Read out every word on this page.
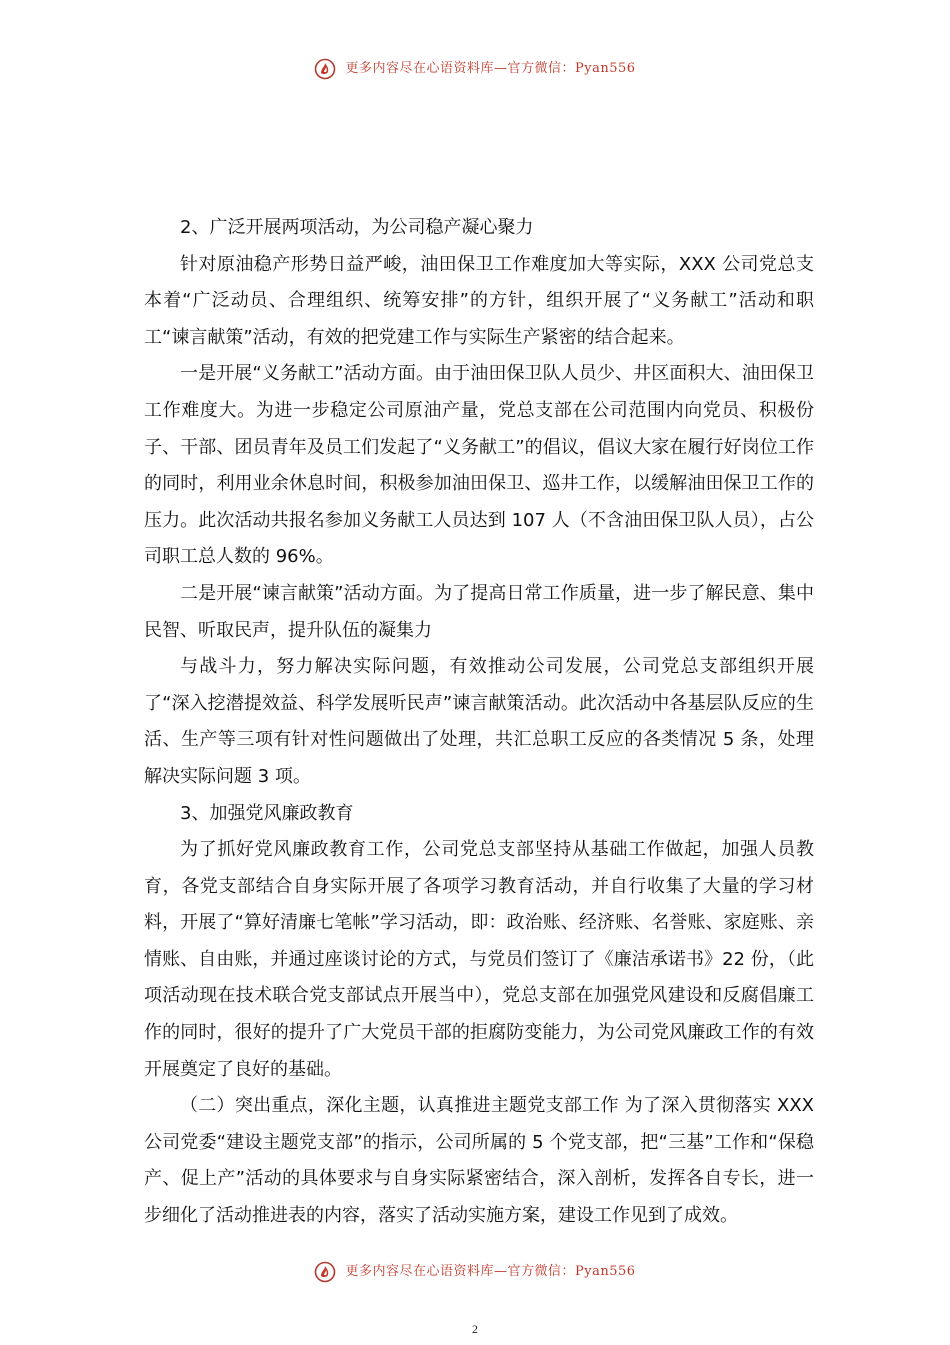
更多内容尽在心语资料库—官方微信：Pyan556

2、广泛开展两项活动，为公司稳产凝心聚力

针对原油稳产形势日益严峻，油田保卫工作难度加大等实际，XXX 公司党总支本着“广泛动员、合理组织、统筹安排”的方针，组织开展了“义务献工”活动和职工“谏言献策”活动，有效的把党建工作与实际生产紧密的结合起来。

一是开展“义务献工”活动方面。由于油田保卫队人员少、井区面积大、油田保卫工作难度大。为进一步稳定公司原油产量，党总支部在公司范围内向党员、积极份子、干部、团员青年及员工们发起了“义务献工”的倡议，倡议大家在履行好岗位工作的同时，利用业余休息时间，积极参加油田保卫、巡井工作，以缓解油田保卫工作的压力。此次活动共报名参加义务献工人员达到 107 人（不含油田保卫队人员），占公司职工总人数的 96%。

二是开展“谏言献策”活动方面。为了提高日常工作质量，进一步了解民意、集中民智、听取民声，提升队伍的凝集力

与战斗力，努力解决实际问题，有效推动公司发展，公司党总支部组织开展了“深入挖潜提效益、科学发展听民声”谏言献策活动。此次活动中各基层队反应的生活、生产等三项有针对性问题做出了处理，共汇总职工反应的各类情况 5 条，处理解决实际问题 3 项。

3、加强党风廉政教育

为了抓好党风廉政教育工作，公司党总支部坚持从基础工作做起，加强人员教育，各党支部结合自身实际开展了各项学习教育活动，并自行收集了大量的学习材料，开展了“算好清廉七笔帐”学习活动，即：政治账、经济账、名誉账、家庭账、亲情账、自由账，并通过座谈讨论的方式，与党员们签订了《廉洁承诺书》22 份，（此项活动现在技术联合党支部试点开展当中），党总支部在加强党风建设和反腐倡廉工作的同时，很好的提升了广大党员干部的拒腐防变能力，为公司党风廉政工作的有效开展奠定了良好的基础。

（二）突出重点，深化主题，认真推进主题党支部工作 为了深入贯彻落实 XXX 公司党委“建设主题党支部”的指示，公司所属的 5 个党支部，把“三基”工作和“保稳产、促上产”活动的具体要求与自身实际紧密结合，深入剖析，发挥各自专长，进一步细化了活动推进表的内容，落实了活动实施方案，建设工作见到了成效。

更多内容尽在心语资料库—官方微信：Pyan556
2
